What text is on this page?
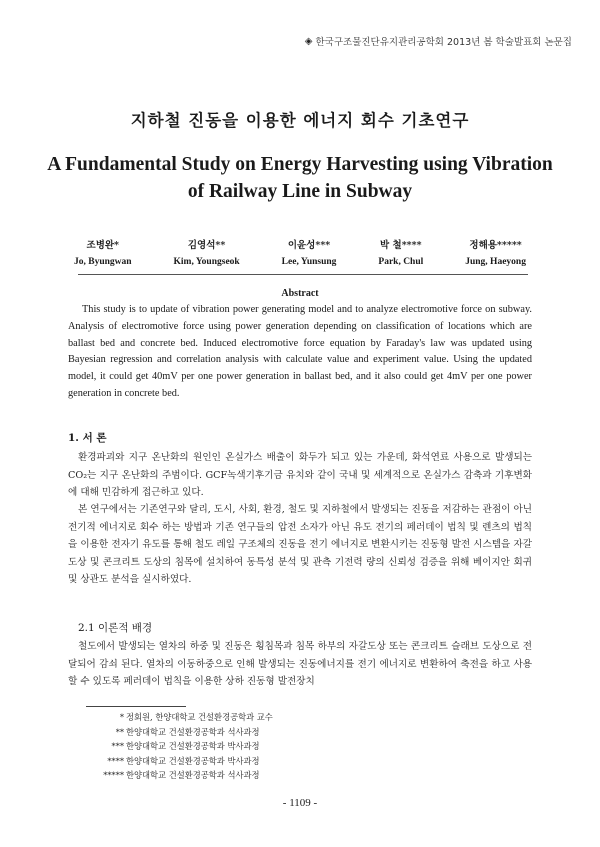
◈ 한국구조물진단유지관리공학회 2013년 봄 학술발표회 논문집
지하철 진동을 이용한 에너지 회수 기초연구
A Fundamental Study on Energy Harvesting using Vibration of Railway Line in Subway
조병완*
Jo, Byungwan
김영석**
Kim, Youngseok
이윤성***
Lee, Yunsung
박 철****
Park, Chul
정해용*****
Jung, Haeyong
Abstract

This study is to update of vibration power generating model and to analyze electromotive force on subway. Analysis of electromotive force using power generation depending on classification of locations which are ballast bed and concrete bed. Induced electromotive force equation by Faraday's law was updated using Bayesian regression and correlation analysis with calculate value and experiment value. Using the updated model, it could get 40mV per one power generation in ballast bed, and it also could get 4mV per one power generation in concrete bed.

1. 서 론

환경파괴와 지구 온난화의 원인인 온실가스 배출이 화두가 되고 있는 가운데, 화석연료 사용으로 발생되는 CO₂는 지구 온난화의 주범이다. GCF녹색기후기금 유치와 같이 국내 및 세계적으로 온실가스 감축과 기후변화에 대해 민감하게 접근하고 있다.

본 연구에서는 기존연구와 달리, 도시, 사회, 환경, 철도 및 지하철에서 발생되는 진동을 저감하는 관점이 아닌 전기적 에너지로 회수 하는 방법과 기존 연구들의 압전 소자가 아닌 유도 전기의 페러데이 법칙 및 렌츠의 법칙을 이용한 전자기 유도를 통해 철도 레일 구조체의 진동을 전기 에너지로 변환시키는 진동형 발전 시스템을 자갈도상 및 콘크리트 도상의 침목에 설치하여 동특성 분석 및 관측 기전력 량의 신뢰성 검증을 위해 베이지안 회귀 및 상관도 분석을 실시하였다.

2.1 이론적 배경

철도에서 발생되는 열차의 하중 및 진동은 횡침목과 침목 하부의 자갈도상 또는 콘크리트 슬래브 도상으로 전달되어 감쇠 된다. 열차의 이동하중으로 인해 발생되는 진동에너지를 전기 에너지로 변환하여 축전을 하고 사용할 수 있도록 페러데이 법칙을 이용한 상하 진동형 발전장치

* 정회원, 한양대학교 건설환경공학과 교수
** 한양대학교 건설환경공학과 석사과정
*** 한양대학교 건설환경공학과 박사과정
**** 한양대학교 건설환경공학과 박사과정
***** 한양대학교 건설환경공학과 석사과정
- 1109 -
